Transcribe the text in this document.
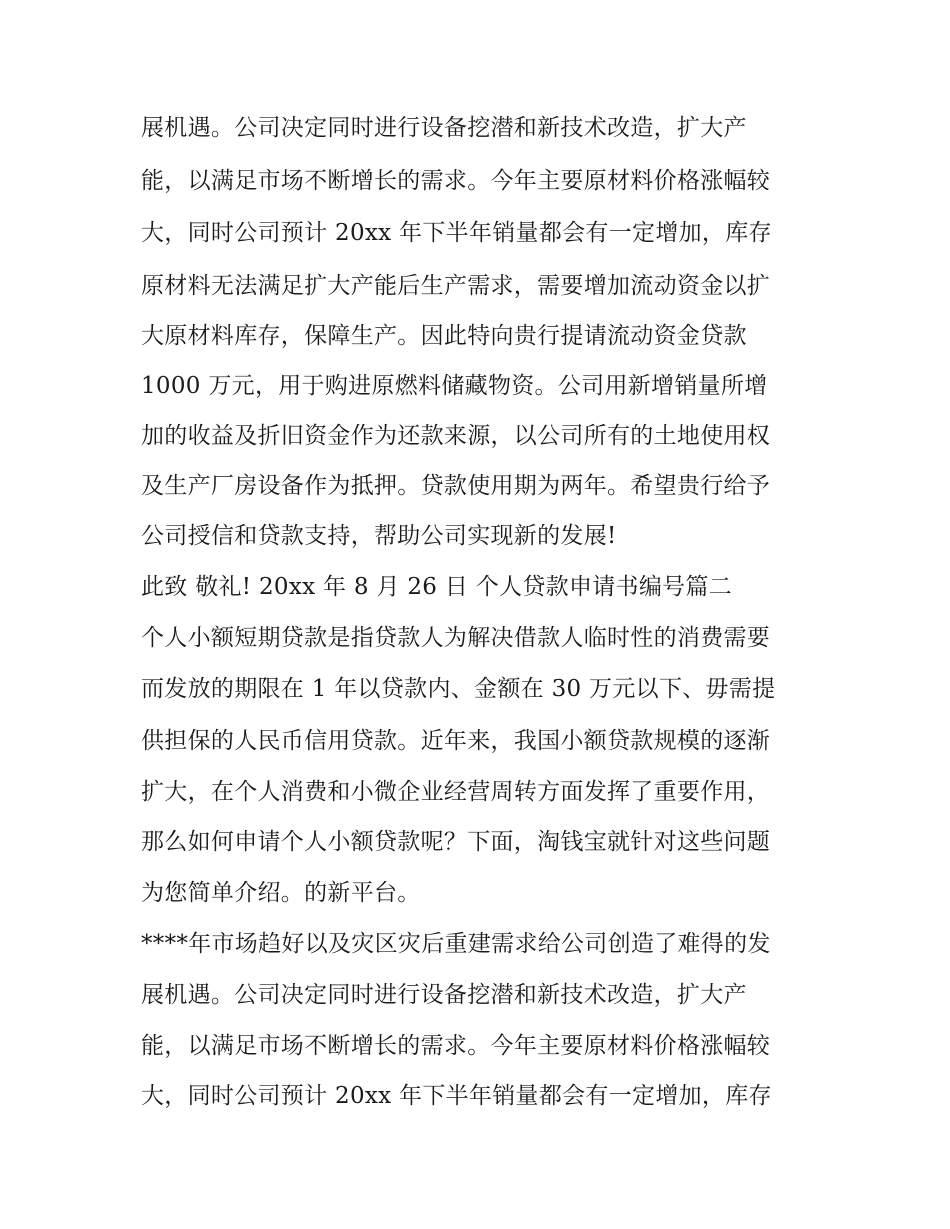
展机遇。公司决定同时进行设备挖潜和新技术改造，扩大产
能，以满足市场不断增长的需求。今年主要原材料价格涨幅较
大，同时公司预计 20xx 年下半年销量都会有一定增加，库存
原材料无法满足扩大产能后生产需求，需要增加流动资金以扩
大原材料库存，保障生产。因此特向贵行提请流动资金贷款
1000 万元，用于购进原燃料储藏物资。公司用新增销量所增
加的收益及折旧资金作为还款来源，以公司所有的土地使用权
及生产厂房设备作为抵押。贷款使用期为两年。希望贵行给予
公司授信和贷款支持，帮助公司实现新的发展!
此致 敬礼! 20xx 年 8 月 26 日 个人贷款申请书编号篇二
个人小额短期贷款是指贷款人为解决借款人临时性的消费需要
而发放的期限在 1 年以贷款内、金额在 30 万元以下、毋需提
供担保的人民币信用贷款。近年来，我国小额贷款规模的逐渐
扩大，在个人消费和小微企业经营周转方面发挥了重要作用，
那么如何申请个人小额贷款呢？下面，淘钱宝就针对这些问题
为您简单介绍。的新平台。
****年市场趋好以及灾区灾后重建需求给公司创造了难得的发
展机遇。公司决定同时进行设备挖潜和新技术改造，扩大产
能，以满足市场不断增长的需求。今年主要原材料价格涨幅较
大，同时公司预计 20xx 年下半年销量都会有一定增加，库存
